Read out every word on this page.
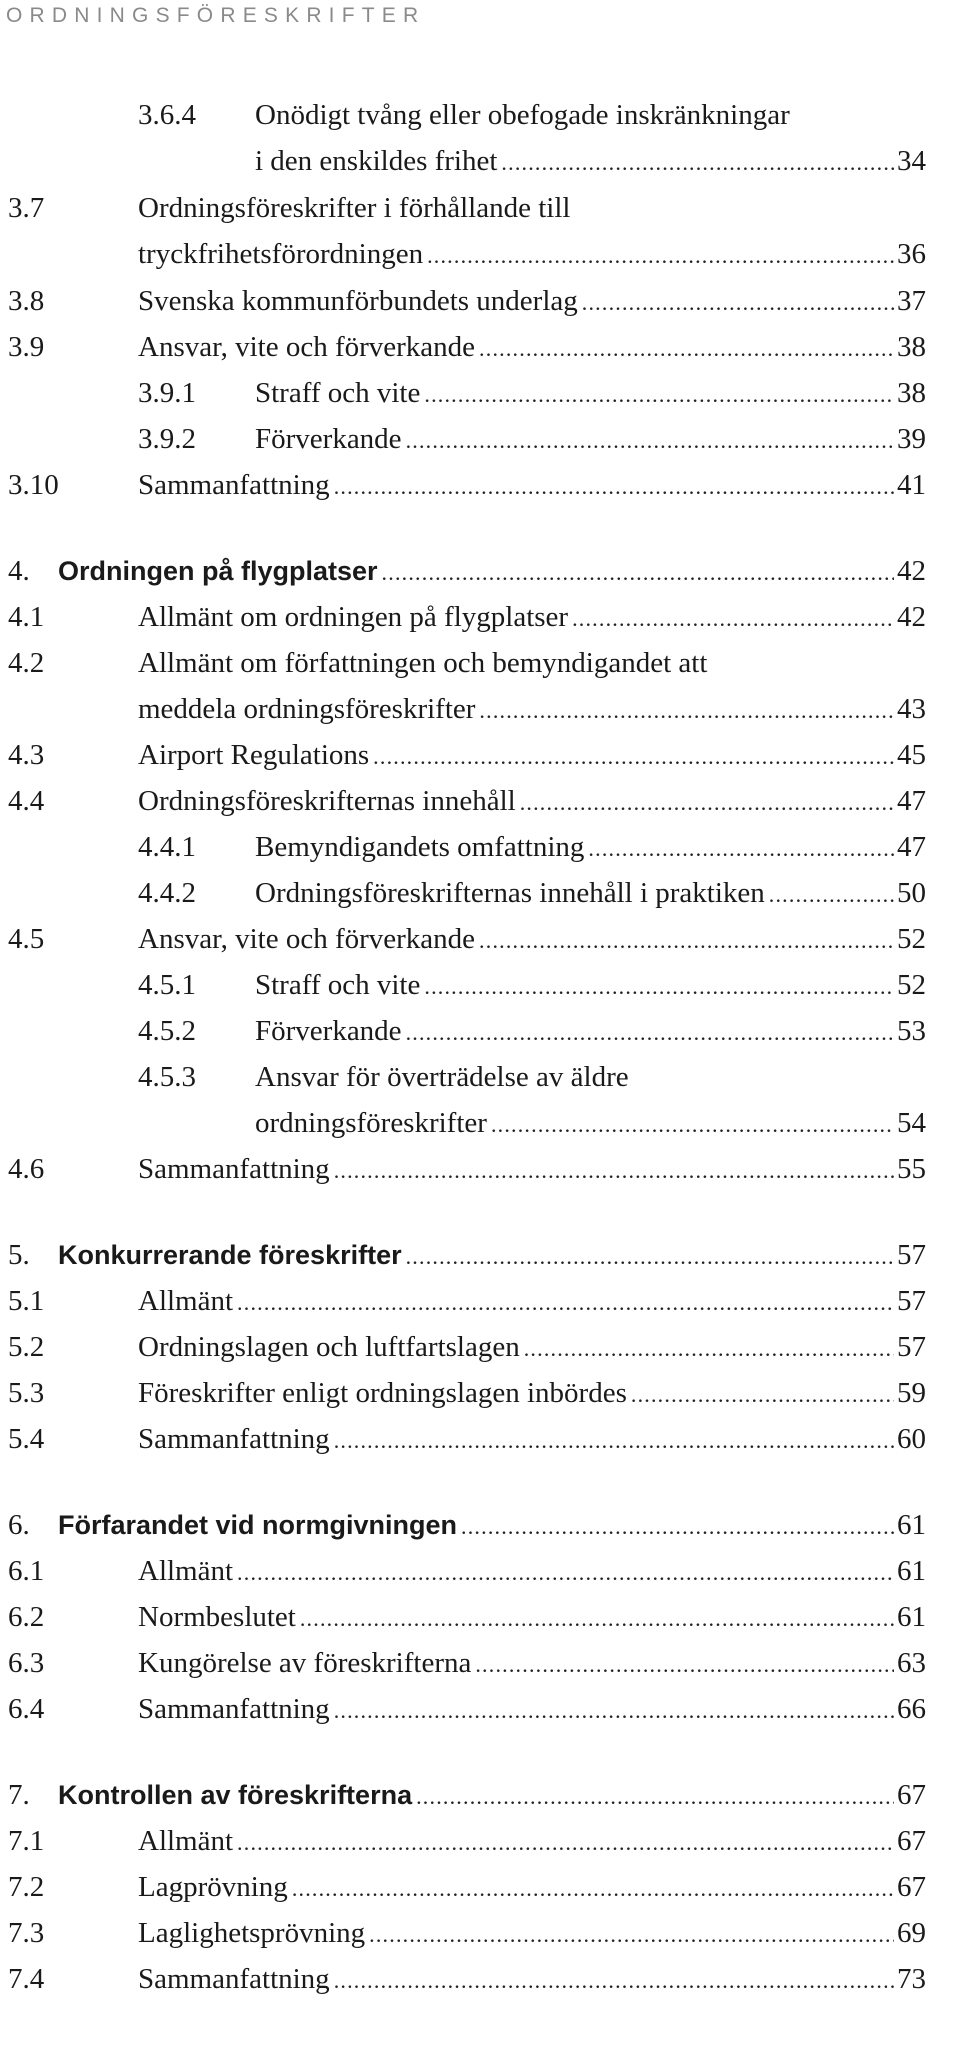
ORDNINGSFÖRESKRIFTER
3.6.4 Onödigt tvång eller obefogade inskränkningar
i den enskildes frihet .....	34
3.7	Ordningsföreskrifter i förhållande till
tryckfrihetsförordningen .....	36
3.8	Svenska kommunförbundets underlag .....	37
3.9	Ansvar, vite och förverkande .....	38
3.9.1 Straff och vite .....	38
3.9.2 Förverkande .....	39
3.10	Sammanfattning .....	41
4. Ordningen på flygplatser .....	42
4.1	Allmänt om ordningen på flygplatser .....	42
4.2	Allmänt om författningen och bemyndigandet att
meddela ordningsföreskrifter .....	43
4.3	Airport Regulations .....	45
4.4	Ordningsföreskrifternas innehåll .....	47
4.4.1 Bemyndigandets omfattning .....	47
4.4.2 Ordningsföreskrifternas innehåll i praktiken .....	50
4.5	Ansvar, vite och förverkande .....	52
4.5.1 Straff och vite .....	52
4.5.2 Förverkande .....	53
4.5.3 Ansvar för överträdelse av äldre
ordningsföreskrifter .....	54
4.6	Sammanfattning .....	55
5. Konkurrerande föreskrifter .....	57
5.1	Allmänt .....	57
5.2	Ordningslagen och luftfartslagen .....	57
5.3	Föreskrifter enligt ordningslagen inbördes .....	59
5.4	Sammanfattning .....	60
6. Förfarandet vid normgivningen .....	61
6.1	Allmänt .....	61
6.2	Normbeslutet .....	61
6.3	Kungörelse av föreskrifterna .....	63
6.4	Sammanfattning .....	66
7. Kontrollen av föreskrifterna .....	67
7.1	Allmänt .....	67
7.2	Lagprövning .....	67
7.3	Laglighetsprövning .....	69
7.4	Sammanfattning .....	73
